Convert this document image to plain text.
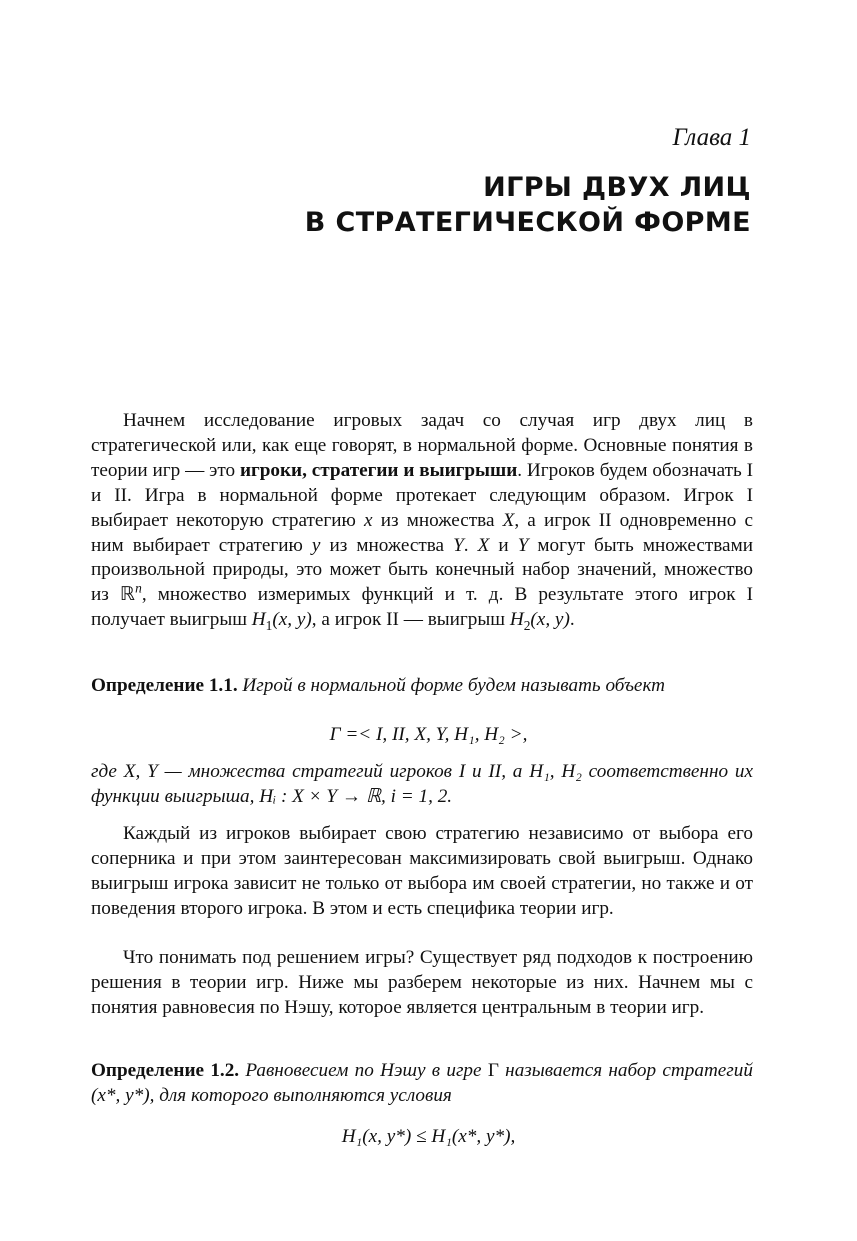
Глава 1

ИГРЫ ДВУХ ЛИЦ
В СТРАТЕГИЧЕСКОЙ ФОРМЕ

Начнем исследование игровых задач со случая игр двух лиц в стратегической или, как еще говорят, в нормальной форме. Основные понятия в теории игр — это игроки, стратегии и выигрыши. Игроков будем обозначать I и II. Игра в нормальной форме протекает следующим образом. Игрок I выбирает некоторую стратегию x из множества X, а игрок II одновременно с ним выбирает стратегию y из множества Y. X и Y могут быть множествами произвольной природы, это может быть конечный набор значений, множество из ℝ$^n$, множество измеримых функций и т. д. В результате этого игрок I получает выигрыш $H_1(x$, y), а игрок II — выигрыш $H_2(x$, y).

Определение 1.1. Игрой в нормальной форме будем называть объект

Γ =< I, II, X, Y, H₁, H₂ >,

где X, Y — множества стратегий игроков I и II, а H₁, H₂ соответственно их функции выигрыша, Hᵢ : X × Y → ℝ, i = 1, 2.

Каждый из игроков выбирает свою стратегию независимо от выбора его соперника и при этом заинтересован максимизировать свой выигрыш. Однако выигрыш игрока зависит не только от выбора им своей стратегии, но также и от поведения второго игрока. В этом и есть специфика теории игр.

Что понимать под решением игры? Существует ряд подходов к построению решения в теории игр. Ниже мы разберем некоторые из них. Начнем мы с понятия равновесия по Нэшу, которое является центральным в теории игр.

Определение 1.2. Равновесием по Нэшу в игре Γ называется набор стратегий (x*, y*), для которого выполняются условия

H₁(x, y*) ≤ H₁(x*, y*),
